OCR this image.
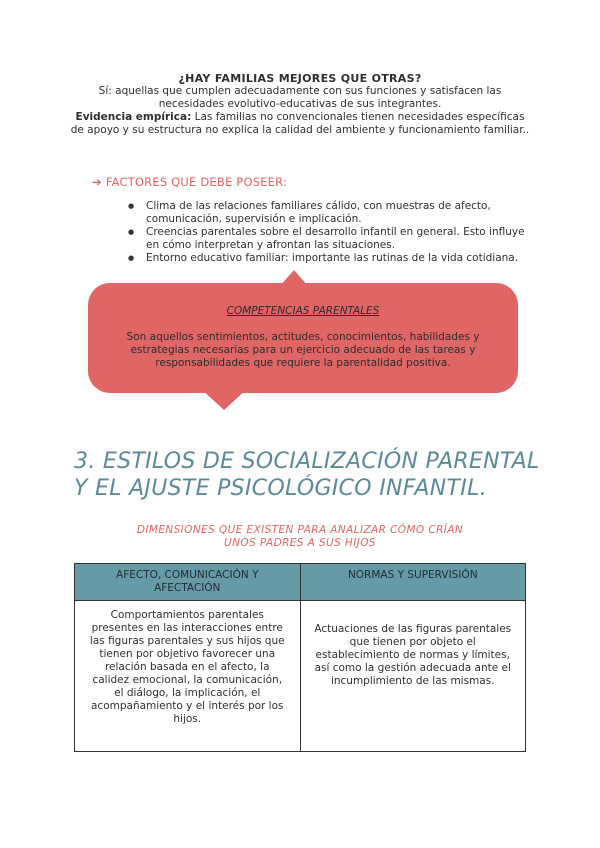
¿HAY FAMILIAS MEJORES QUE OTRAS?
Sí: aquellas que cumplen adecuadamente con sus funciones y satisfacen las necesidades evolutivo-educativas de sus integrantes.
Evidencia empírica: Las familias no convencionales tienen necesidades específicas de apoyo y su estructura no explica la calidad del ambiente y funcionamiento familiar..
➔ FACTORES QUE DEBE POSEER:
● Clima de las relaciones familiares cálido, con muestras de afecto, comunicación, supervisión e implicación.
● Creencias parentales sobre el desarrollo infantil en general. Esto influye en cómo interpretan y afrontan las situaciones.
● Entorno educativo familiar: importante las rutinas de la vida cotidiana.
COMPETENCIAS PARENTALES
Son aquellos sentimientos, actitudes, conocimientos, habilidades y estrategias necesarias para un ejercicio adecuado de las tareas y responsabilidades que requiere la parentalidad positiva.
3. ESTILOS DE SOCIALIZACIÓN PARENTAL Y EL AJUSTE PSICOLÓGICO INFANTIL.
DIMENSIONES QUE EXISTEN PARA ANALIZAR CÓMO CRÍAN UNOS PADRES A SUS HIJOS
AFECTO, COMUNICACIÓN Y AFECTACIÓN	NORMAS Y SUPERVISIÓN
Comportamientos parentales presentes en las interacciones entre las figuras parentales y sus hijos que tienen por objetivo favorecer una relación basada en el afecto, la calidez emocional, la comunicación, el diálogo, la implicación, el acompañamiento y el interés por los hijos.	Actuaciones de las figuras parentales que tienen por objeto el establecimiento de normas y límites, así como la gestión adecuada ante el incumplimiento de las mismas.
